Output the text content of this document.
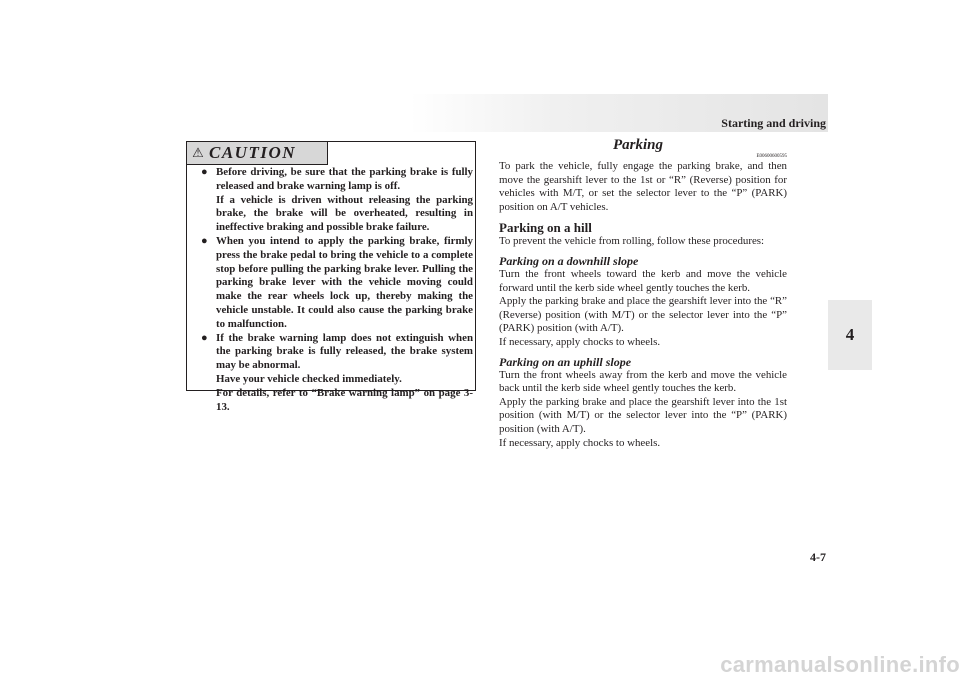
Starting and driving
4
⚠ CAUTION
● Before driving, be sure that the parking brake is fully released and brake warning lamp is off.

If a vehicle is driven without releasing the parking brake, the brake will be overheated, resulting in ineffective braking and possible brake failure.

● When you intend to apply the parking brake, firmly press the brake pedal to bring the vehicle to a complete stop before pulling the parking brake lever. Pulling the parking brake lever with the vehicle moving could make the rear wheels lock up, thereby making the vehicle unstable. It could also cause the parking brake to malfunction.

● If the brake warning lamp does not extinguish when the parking brake is fully released, the brake system may be abnormal.

Have your vehicle checked immediately.

For details, refer to “Brake warning lamp” on page 3-13.

Parking
E00600600595

To park the vehicle, fully engage the parking brake, and then move the gearshift lever to the 1st or “R” (Reverse) position for vehicles with M/T, or set the selector lever to the “P” (PARK) position on A/T vehicles.

Parking on a hill

To prevent the vehicle from rolling, follow these procedures:

Parking on a downhill slope

Turn the front wheels toward the kerb and move the vehicle forward until the kerb side wheel gently touches the kerb.

Apply the parking brake and place the gearshift lever into the “R” (Reverse) position (with M/T) or the selector lever into the “P” (PARK) position (with A/T).

If necessary, apply chocks to wheels.

Parking on an uphill slope

Turn the front wheels away from the kerb and move the vehicle back until the kerb side wheel gently touches the kerb.

Apply the parking brake and place the gearshift lever into the 1st position (with M/T) or the selector lever into the “P” (PARK) position (with A/T).

If necessary, apply chocks to wheels.

4-7
carmanualsonline.info
